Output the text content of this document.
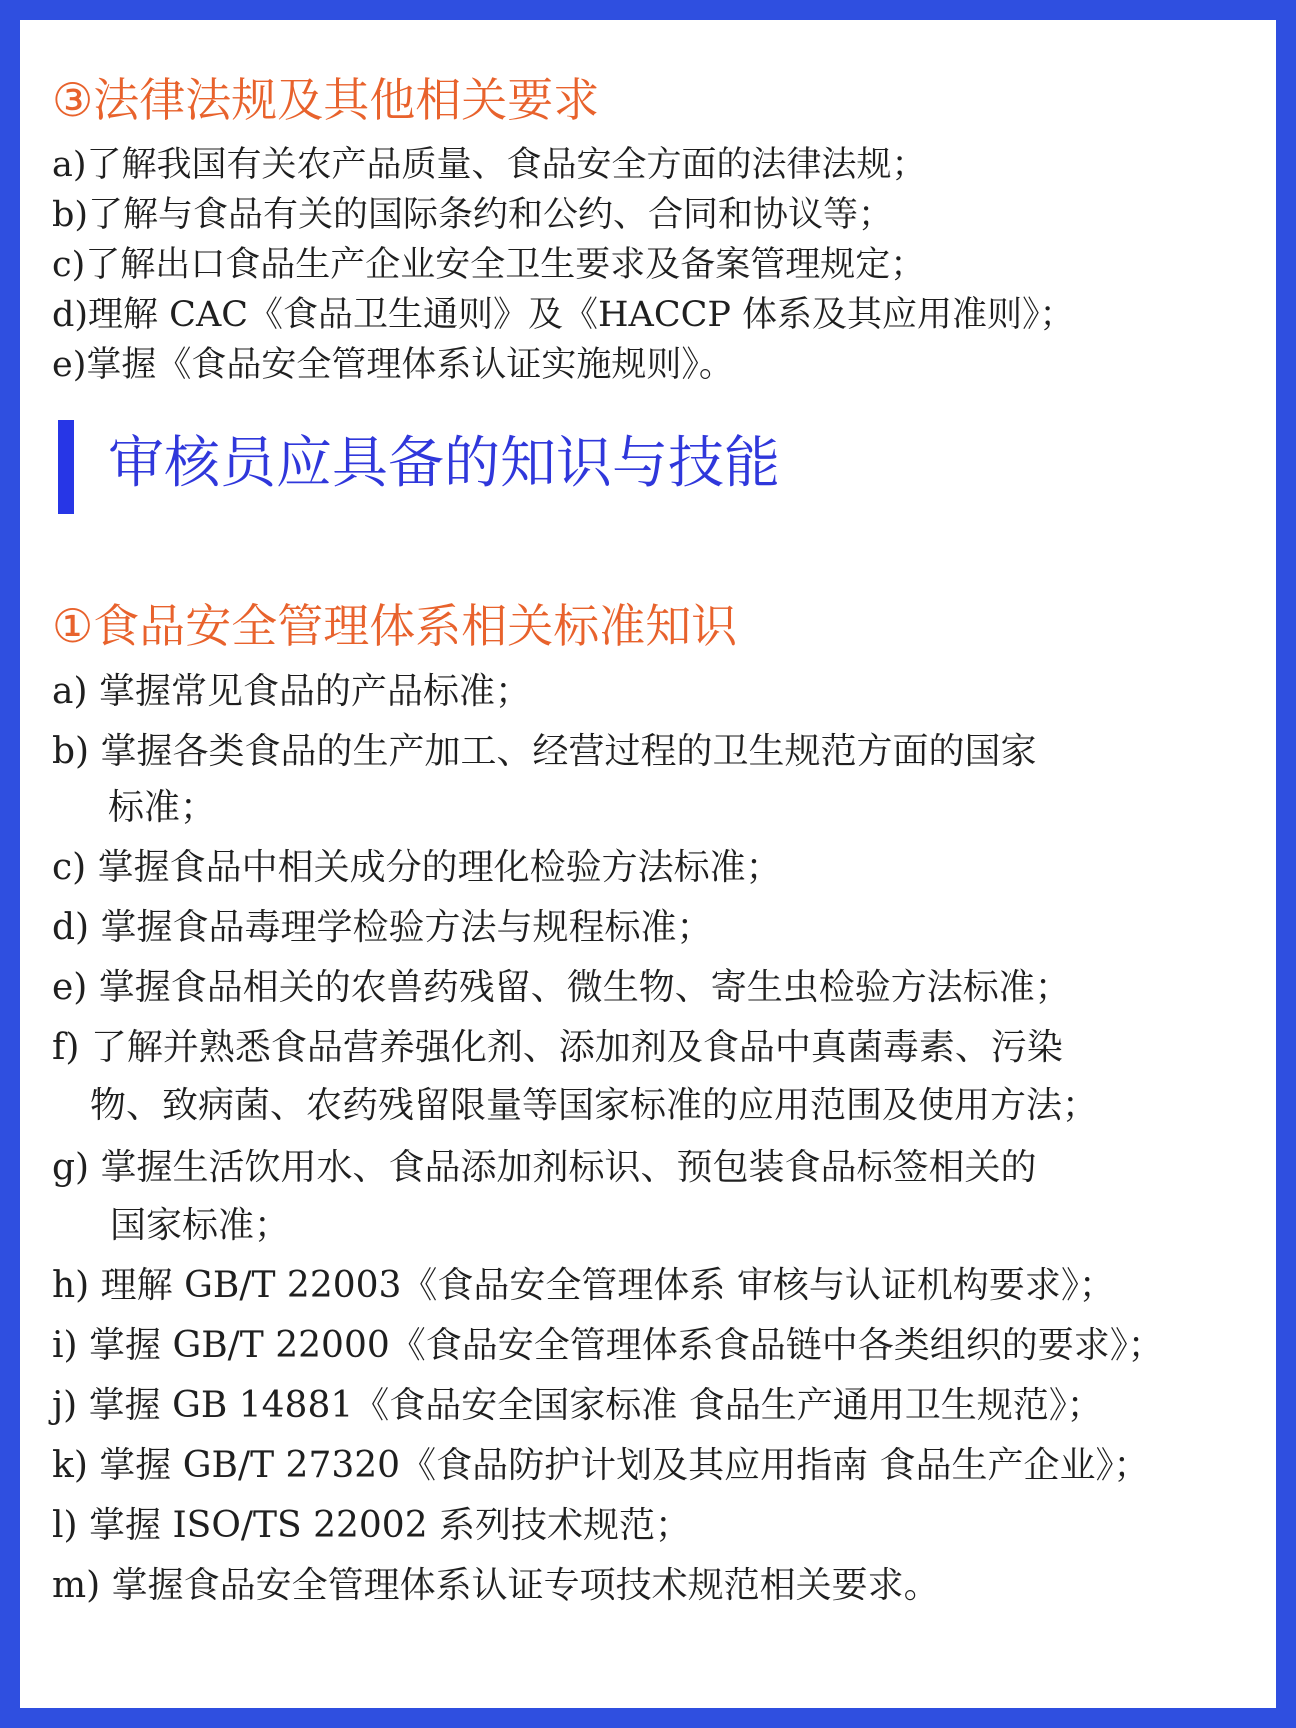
③法律法规及其他相关要求
a)了解我国有关农产品质量、食品安全方面的法律法规；
b)了解与食品有关的国际条约和公约、合同和协议等；
c)了解出口食品生产企业安全卫生要求及备案管理规定；
d)理解 CAC《食品卫生通则》及《HACCP 体系及其应用准则》；
e)掌握《食品安全管理体系认证实施规则》。
审核员应具备的知识与技能
①食品安全管理体系相关标准知识
a) 掌握常见食品的产品标准；
b) 掌握各类食品的生产加工、经营过程的卫生规范方面的国家
标准；
c) 掌握食品中相关成分的理化检验方法标准；
d) 掌握食品毒理学检验方法与规程标准；
e) 掌握食品相关的农兽药残留、微生物、寄生虫检验方法标准；
f) 了解并熟悉食品营养强化剂、添加剂及食品中真菌毒素、污染
物、致病菌、农药残留限量等国家标准的应用范围及使用方法；
g) 掌握生活饮用水、食品添加剂标识、预包装食品标签相关的
国家标准；
h) 理解 GB/T 22003《食品安全管理体系 审核与认证机构要求》；
i) 掌握 GB/T 22000《食品安全管理体系食品链中各类组织的要求》；
j) 掌握 GB 14881《食品安全国家标准 食品生产通用卫生规范》；
k) 掌握 GB/T 27320《食品防护计划及其应用指南 食品生产企业》；
l) 掌握 ISO/TS 22002 系列技术规范；
m) 掌握食品安全管理体系认证专项技术规范相关要求。
